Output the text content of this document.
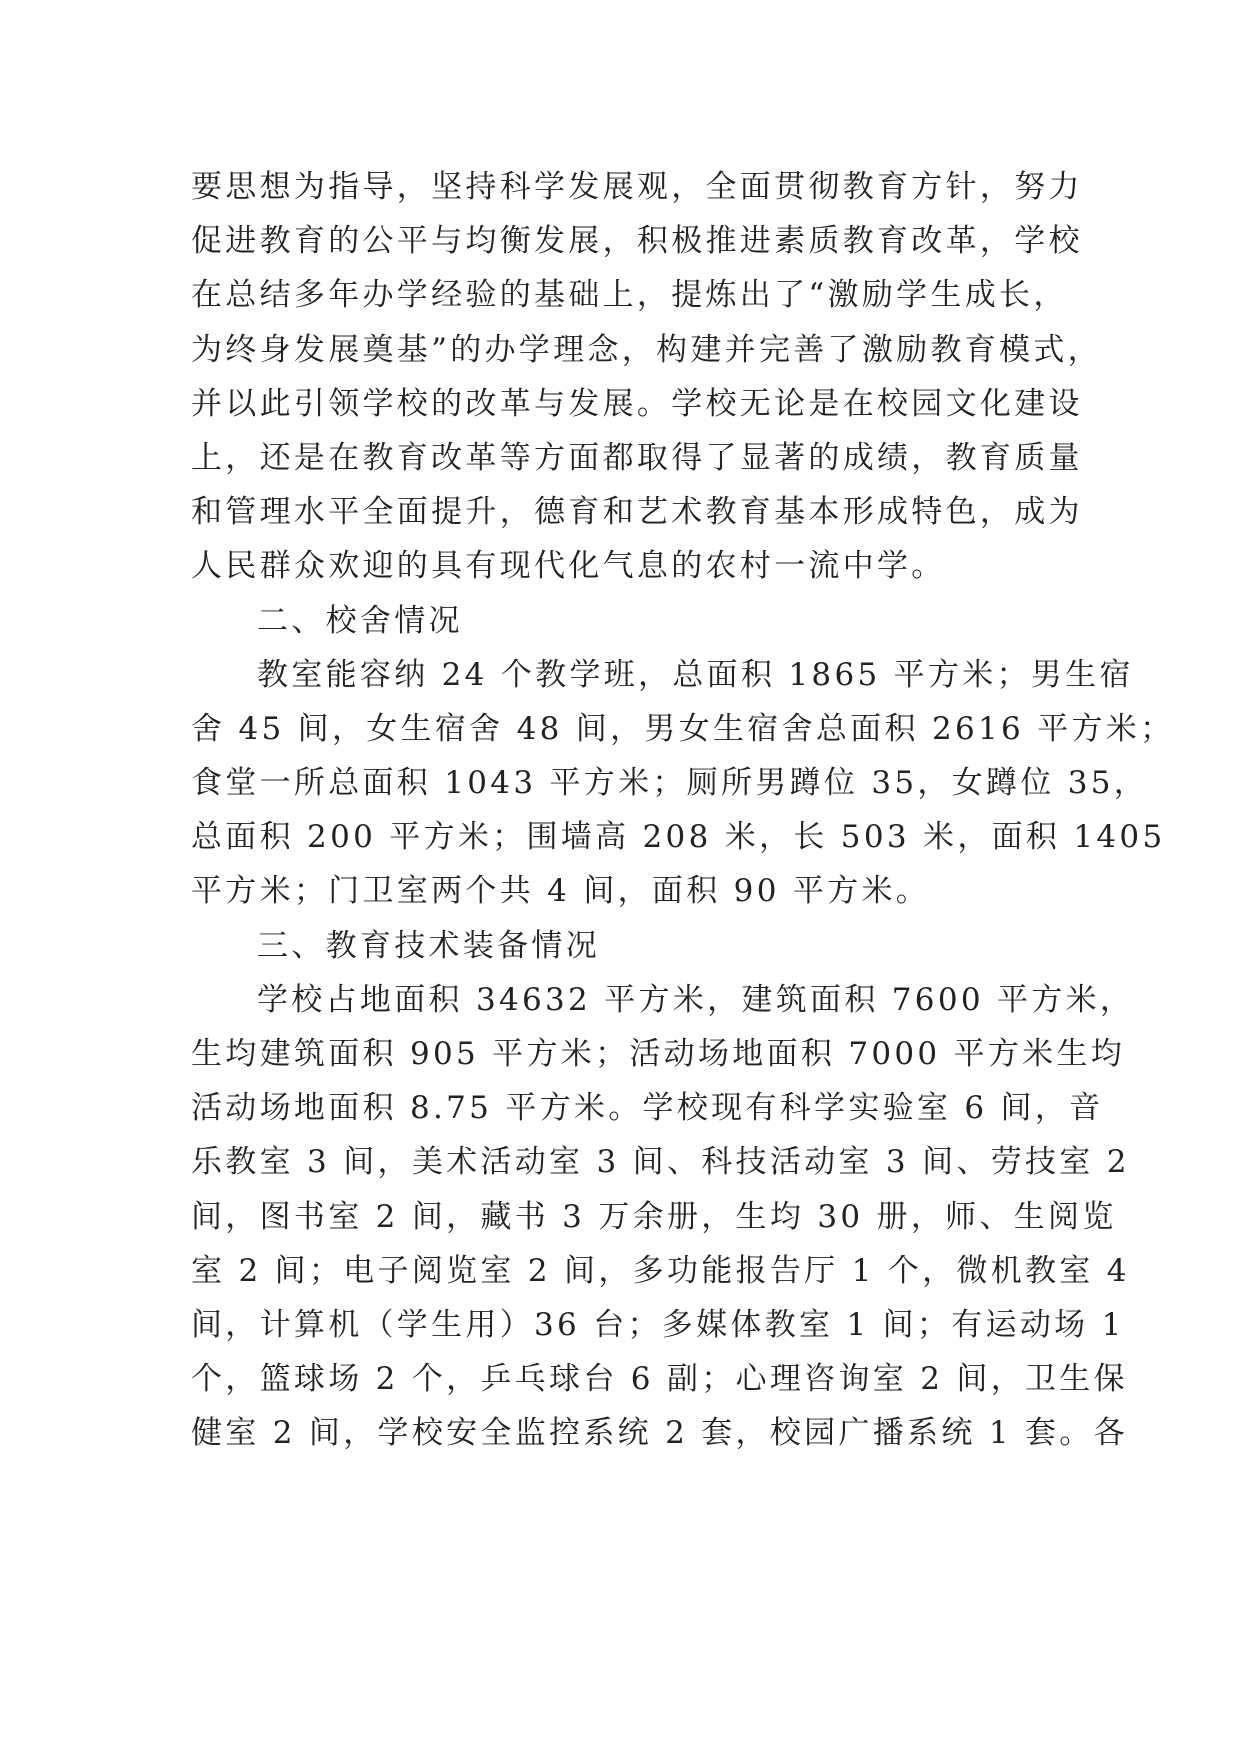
要思想为指导，坚持科学发展观，全面贯彻教育方针，努力
促进教育的公平与均衡发展，积极推进素质教育改革，学校
在总结多年办学经验的基础上，提炼出了“激励学生成长，
为终身发展奠基”的办学理念，构建并完善了激励教育模式，
并以此引领学校的改革与发展。学校无论是在校园文化建设
上，还是在教育改革等方面都取得了显著的成绩，教育质量
和管理水平全面提升，德育和艺术教育基本形成特色，成为
人民群众欢迎的具有现代化气息的农村一流中学。
二、校舍情况
教室能容纳 24 个教学班，总面积 1865 平方米；男生宿
舍 45 间，女生宿舍 48 间，男女生宿舍总面积 2616 平方米；
食堂一所总面积 1043 平方米；厕所男蹲位 35，女蹲位 35，
总面积 200 平方米；围墙高 208 米，长 503 米，面积 1405
平方米；门卫室两个共 4 间，面积 90 平方米。
三、教育技术装备情况
学校占地面积 34632 平方米，建筑面积 7600 平方米，
生均建筑面积 905 平方米；活动场地面积 7000 平方米生均
活动场地面积 8.75 平方米。学校现有科学实验室 6 间，音
乐教室 3 间，美术活动室 3 间、科技活动室 3 间、劳技室 2
间，图书室 2 间，藏书 3 万余册，生均 30 册，师、生阅览
室 2 间；电子阅览室 2 间，多功能报告厅 1 个，微机教室 4
间，计算机（学生用）36 台；多媒体教室 1 间；有运动场 1
个，篮球场 2 个，乒乓球台 6 副；心理咨询室 2 间，卫生保
健室 2 间，学校安全监控系统 2 套，校园广播系统 1 套。各
